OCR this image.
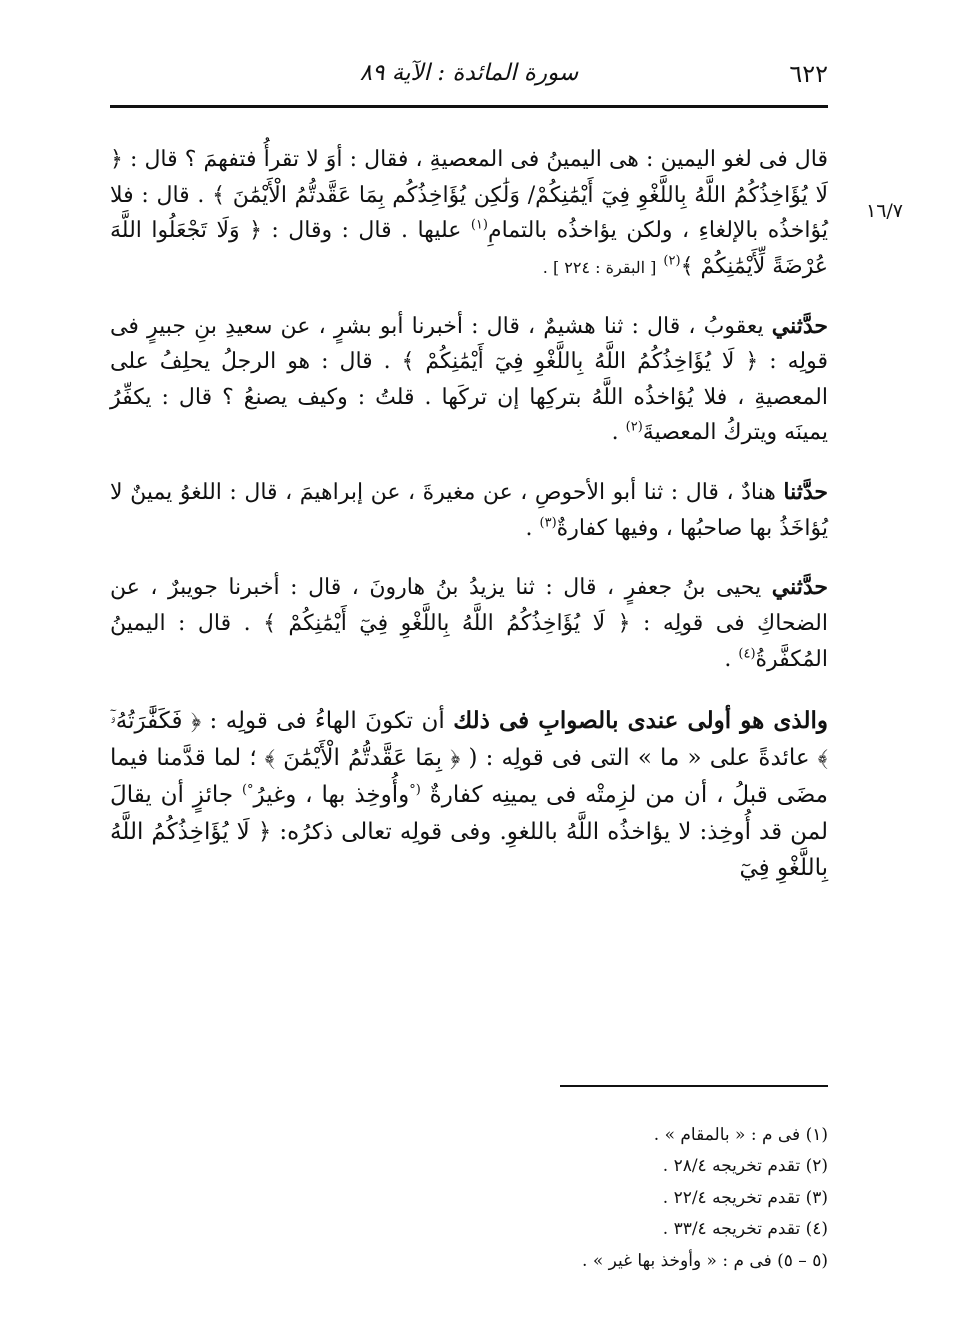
٦٢٢
سورة المائدة : الآية ٨٩
١٦/٧

قال فى لغو اليمين : هى اليمينُ فى المعصيةِ ، فقال : أوَ لا تقرأُ فتفهمَ ؟ قال : ﴿ لَا يُؤَاخِذُكُمُ اللَّهُ بِاللَّغْوِ فِيٓ أَيْمَٰنِكُمْ/ وَلَٰكِن يُؤَاخِذُكُم بِمَا عَقَّدتُّمُ الْأَيْمَٰنَ ﴾ . قال : فلا يُؤاخذُه بالإلغاءِ ، ولكن يؤاخذُه بالتمامِ$^{(١)}$ عليها . قال : وقال : ﴿ وَلَا تَجْعَلُوا اللَّهَ عُرْضَةً لِّأَيْمَٰنِكُمْ ﴾$^{(٢)}$ [ البقرة : ٢٢٤ ] .

حدَّثني يعقوبُ ، قال : ثنا هشيمٌ ، قال : أخبرنا أبو بشرٍ ، عن سعيدِ بنِ جبيرٍ فى قولِه : ﴿ لَا يُؤَاخِذُكُمُ اللَّهُ بِاللَّغْوِ فِيٓ أَيْمَٰنِكُمْ ﴾ . قال : هو الرجلُ يحلِفُ على المعصيةِ ، فلا يُؤاخذُه اللَّهُ بتركِها إن تركَها . قلتُ : وكيف يصنعُ ؟ قال : يكفِّرُ يمينَه ويتركُ المعصيةَ$^{(٢)}$ .

حدَّثنا هنادٌ ، قال : ثنا أبو الأحوصِ ، عن مغيرةَ ، عن إبراهيمَ ، قال : اللغوُ يمينٌ لا يُؤاخَذُ بها صاحبُها ، وفيها كفارةٌ$^{(٣)}$ .

حدَّثني يحيى بنُ جعفرٍ ، قال : ثنا يزيدُ بنُ هارونَ ، قال : أخبرنا جويبرٌ ، عن الضحاكِ فى قولِه : ﴿ لَا يُؤَاخِذُكُمُ اللَّهُ بِاللَّغْوِ فِيٓ أَيْمَٰنِكُمْ ﴾ . قال : اليمينُ المُكفَّرةُ$^{(٤)}$ .

والذى هو أولى عندى بالصوابِ فى ذلك أن تكونَ الهاءُ فى قولِه : ﴿ فَكَفَّٰرَتُهُۥٓ ﴾ عائدةً على « ما » التى فى قولِه : ( ﴿ بِمَا عَقَّدتُّمُ الْأَيْمَٰنَ ﴾ ؛ لما قدَّمنا فيما مضَى قبلُ ، أن من لزِمتْه فى يمينِه كفارةٌ (°وأُوخِذ بها ، وغيرُ°) جائزٍ أن يقالَ لمن قد أُوخِذ: لا يؤاخذُه اللَّهُ باللغوِ. وفى قولِه تعالى ذكرُه: ﴿ لَا يُؤَاخِذُكُمُ اللَّهُ بِاللَّغْوِ فِيٓ

(١) فى م : « بالمقام » .
(٢) تقدم تخريجه ٢٨/٤ .
(٣) تقدم تخريجه ٢٢/٤ .
(٤) تقدم تخريجه ٣٣/٤ .
(٥ – ٥) فى م : « وأوخذ بها غير » .
